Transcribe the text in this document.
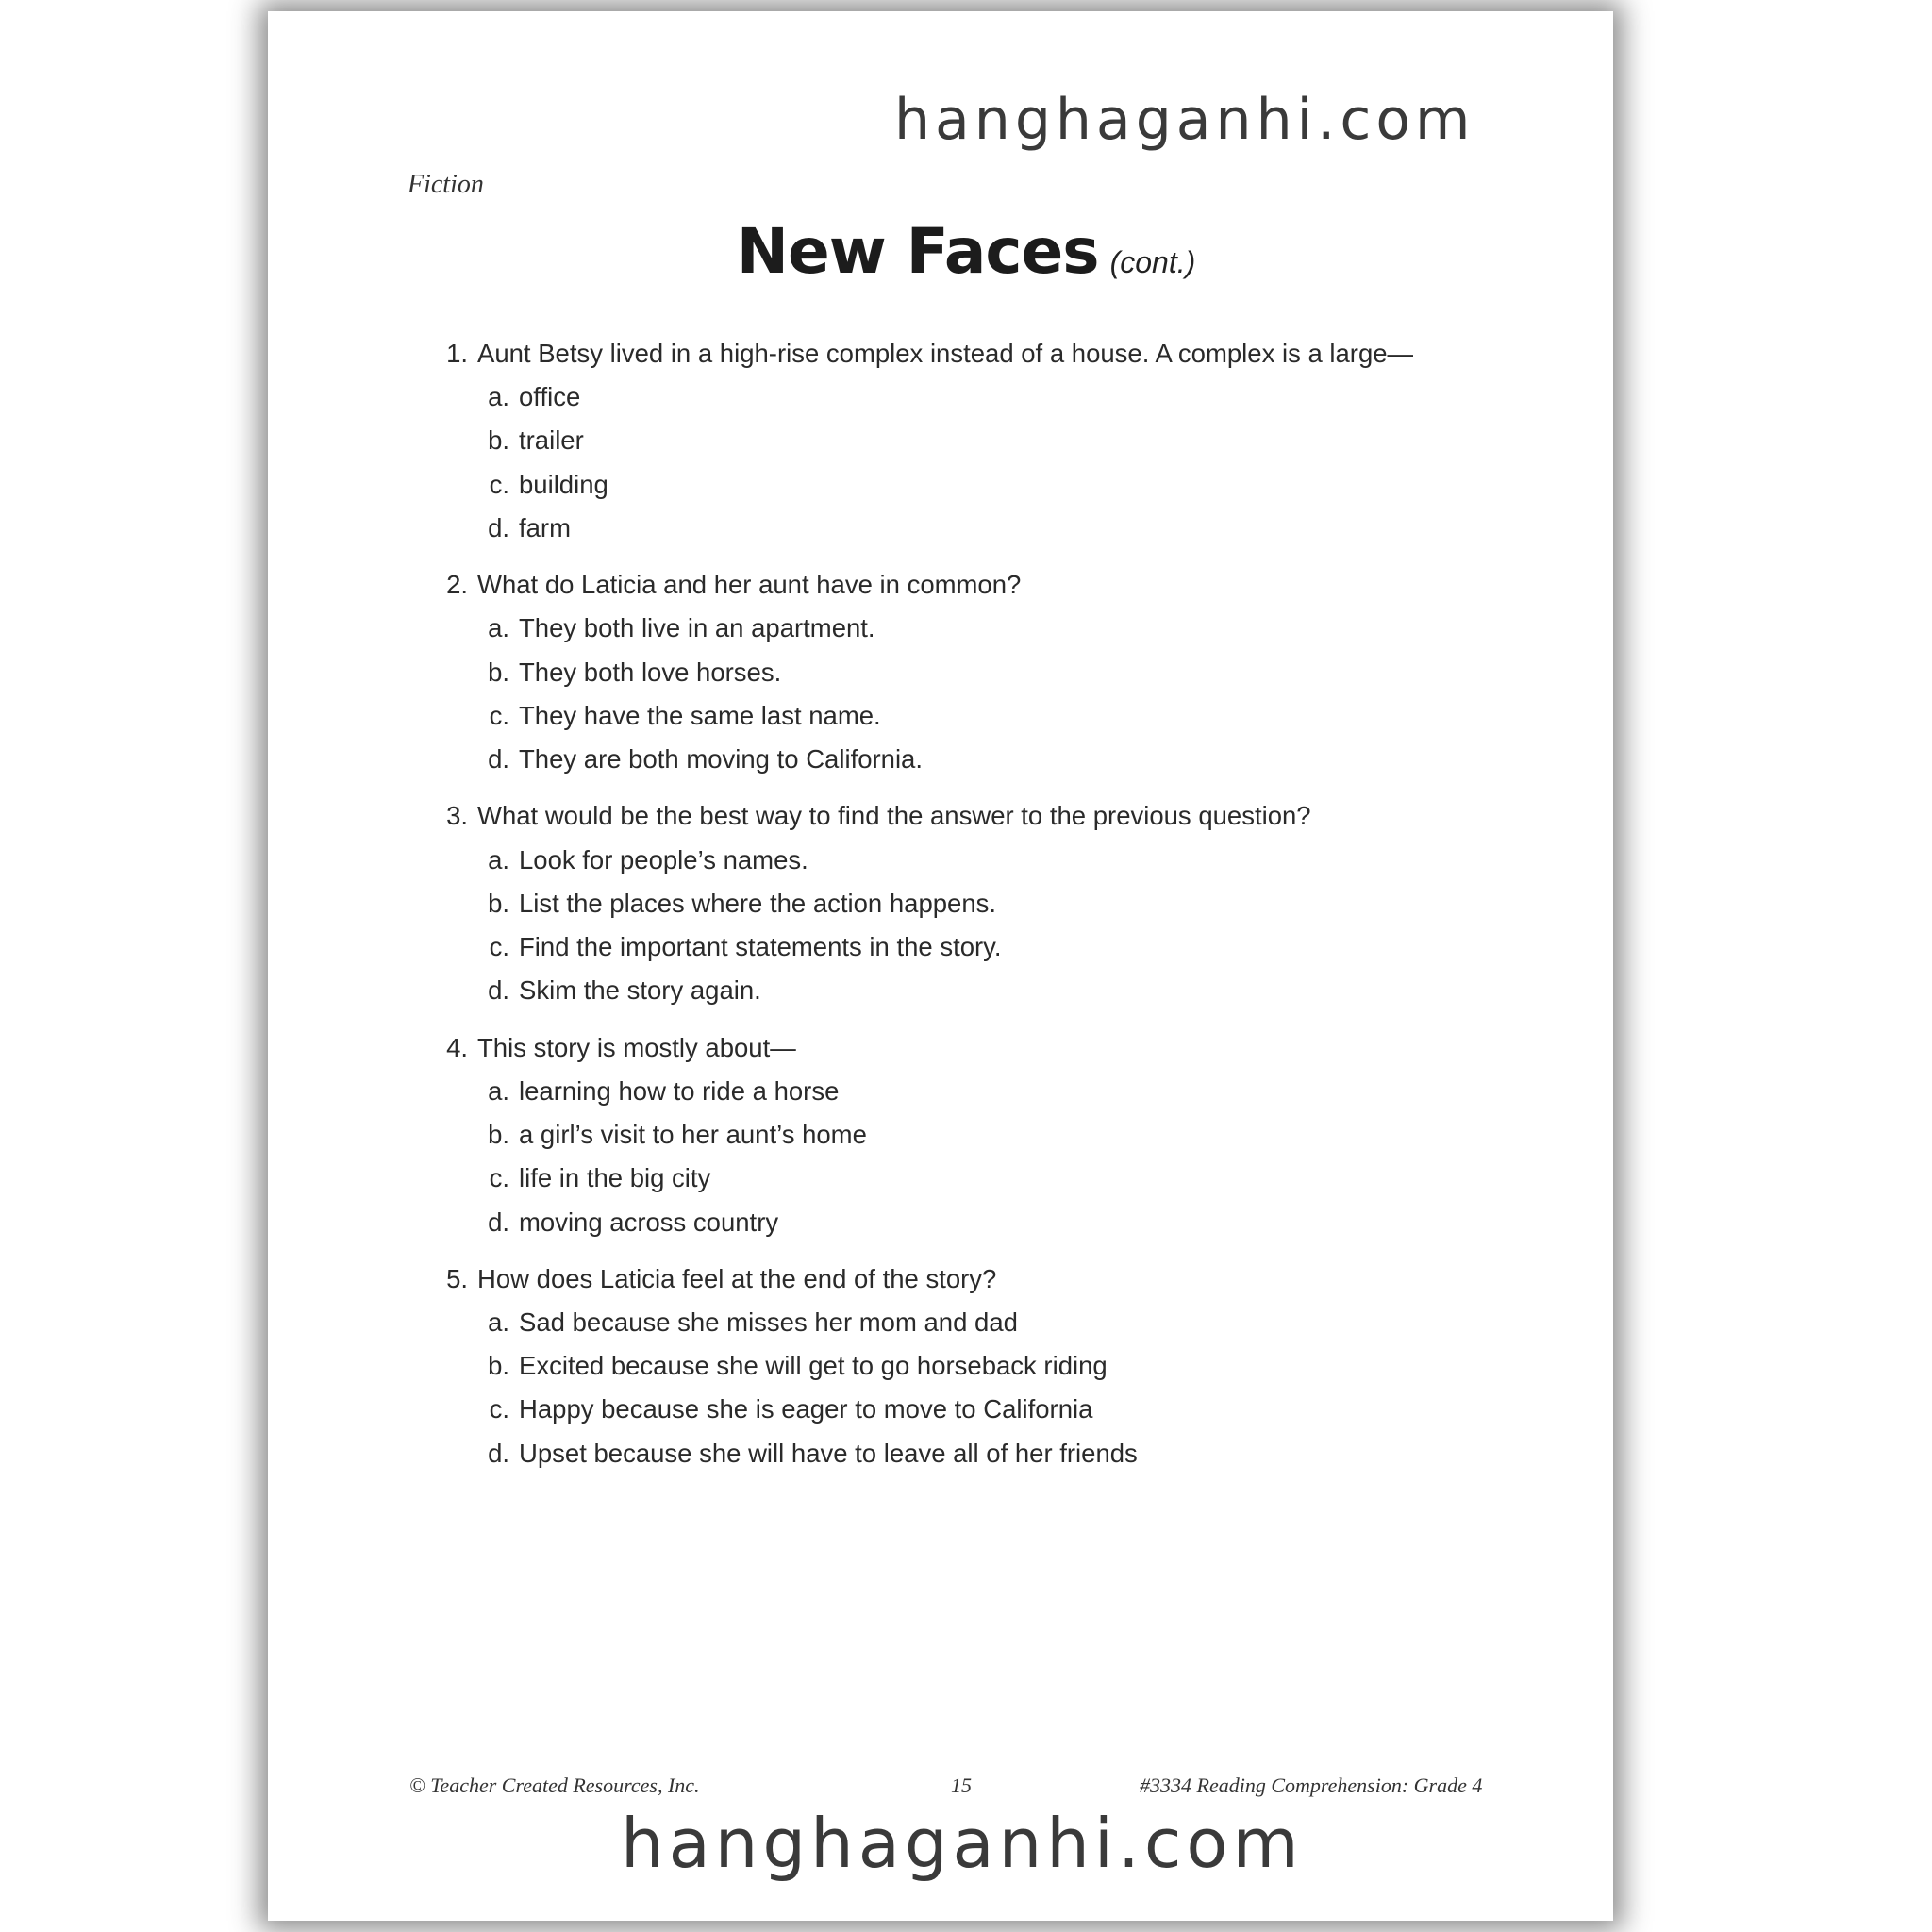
hanghaganhi.com
Fiction
New Faces (cont.)
1. Aunt Betsy lived in a high-rise complex instead of a house. A complex is a large—
a. office
b. trailer
c. building
d. farm
2. What do Laticia and her aunt have in common?
a. They both live in an apartment.
b. They both love horses.
c. They have the same last name.
d. They are both moving to California.
3. What would be the best way to find the answer to the previous question?
a. Look for people’s names.
b. List the places where the action happens.
c. Find the important statements in the story.
d. Skim the story again.
4. This story is mostly about—
a. learning how to ride a horse
b. a girl’s visit to her aunt’s home
c. life in the big city
d. moving across country
5. How does Laticia feel at the end of the story?
a. Sad because she misses her mom and dad
b. Excited because she will get to go horseback riding
c. Happy because she is eager to move to California
d. Upset because she will have to leave all of her friends
© Teacher Created Resources, Inc.	15	#3334 Reading Comprehension: Grade 4
hanghaganhi.com
